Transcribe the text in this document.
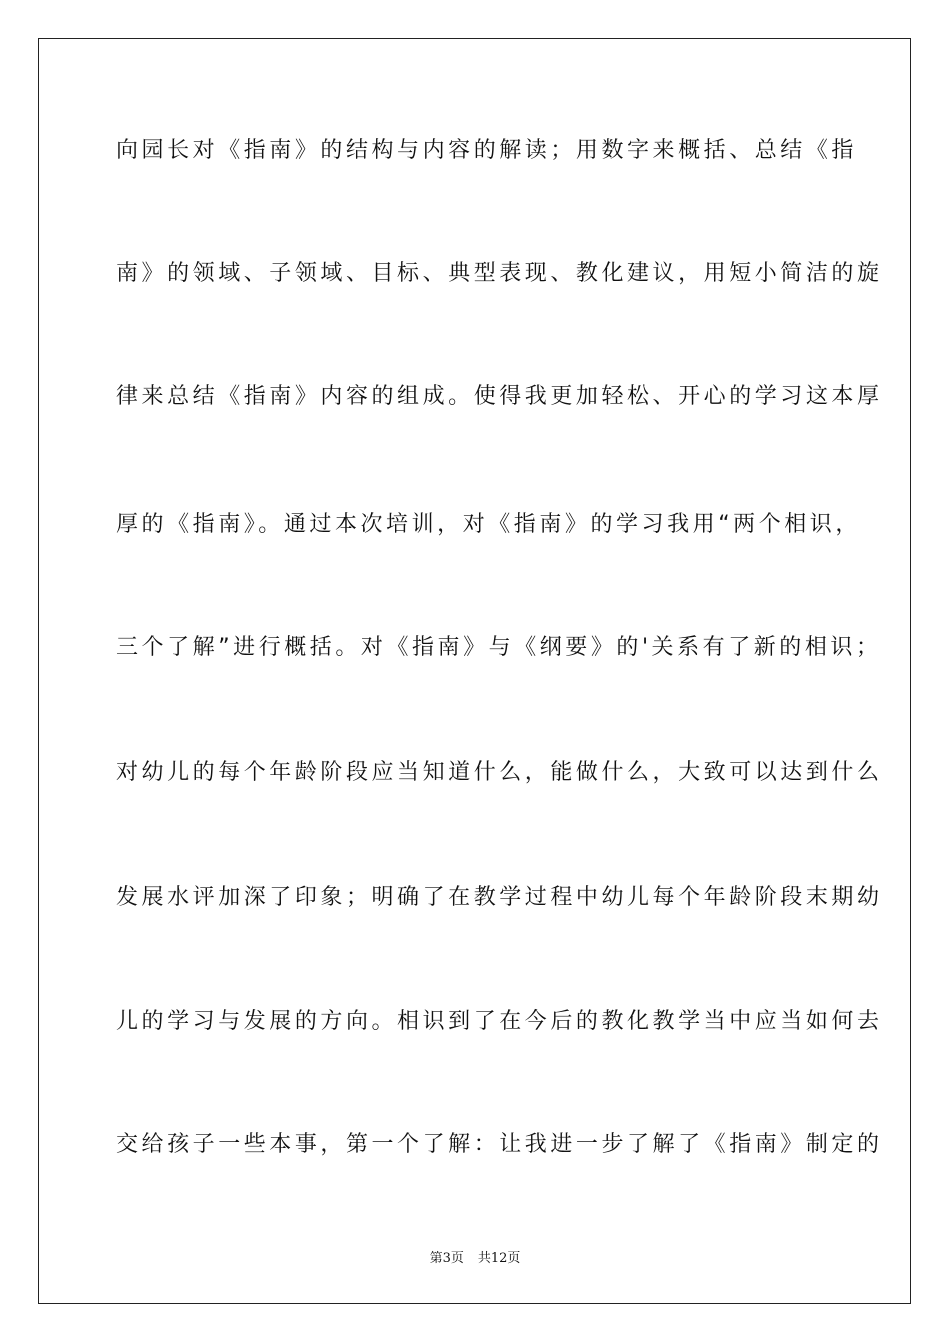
向园长对《指南》的结构与内容的解读；用数字来概括、总结《指
南》的领域、子领域、目标、典型表现、教化建议，用短小简洁的旋
律来总结《指南》内容的组成。使得我更加轻松、开心的学习这本厚
厚的《指南》。通过本次培训，对《指南》的学习我用“两个相识，
三个了解”进行概括。对《指南》与《纲要》的'关系有了新的相识；
对幼儿的每个年龄阶段应当知道什么，能做什么，大致可以达到什么
发展水评加深了印象；明确了在教学过程中幼儿每个年龄阶段末期幼
儿的学习与发展的方向。相识到了在今后的教化教学当中应当如何去
交给孩子一些本事，第一个了解：让我进一步了解了《指南》制定的
第3页 共12页
